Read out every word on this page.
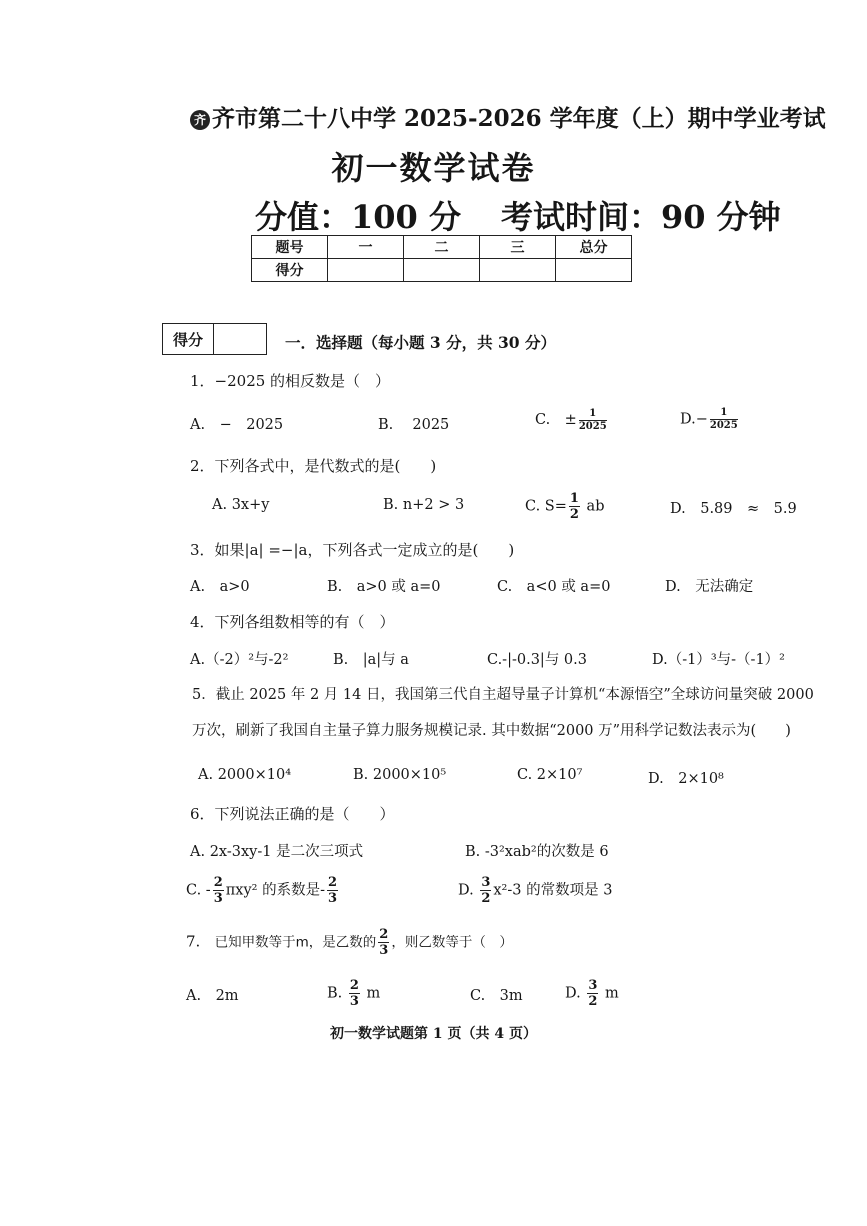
齐 齐市第二十八中学 2025-2026 学年度（上）期中学业考试
初一数学试卷
分值：100 分 考试时间：90 分钟
题号	一	二	三	总分
得分				
得分		一．选择题（每小题 3 分，共 30 分）
1．−2025 的相反数是（　）
A.　−　2025	B.　 2025	C.　± $\frac{1}{2025}$	$D.- \frac{1}{2025}$
2．下列各式中，是代数式的是(　　)
A. 3x+y	B. n+2 > 3	C. $S= \frac{1}{2}$ ab	D.　5.89　≈　5.9
3．如果|a| =−|a，下列各式一定成立的是(　　)
A.　a>0	B.　a>0 或 a=0	C.　a<0 或 a=0	D.　无法确定
4．下列各组数相等的有（　）
A.（-2）²与-2²	B.　|a|与 a	C.-|-0.3|与 0.3	D.（-1）³与-（-1）²
5．截止 2025 年 2 月 14 日，我国第三代自主超导量子计算机“本源悟空”全球访问量突破 2000
万次，刷新了我国自主量子算力服务规模记录. 其中数据“2000 万”用科学记数法表示为(　　)
A. 2000×10⁴	B. 2000×10⁵	C. 2×10⁷	D.　2×10⁸
6．下列说法正确的是（　　）
A. 2x-3xy-1 是二次三项式	B. -3²xab²的次数是 6
C. - $\frac{2}{3} \pi xy^2$ 的系数是- $\frac{2}{3}$	D. $\frac{3}{2} x^2-3$ 的常数项是 3
7. 已知甲数等于m，是乙数的 $\frac{2}{3}$ ，则乙数等于（　）
A.　2m	B. $\frac{2}{3}$ m	C.　3m	D. $\frac{3}{2}$ m
初一数学试题第 1 页（共 4 页）
